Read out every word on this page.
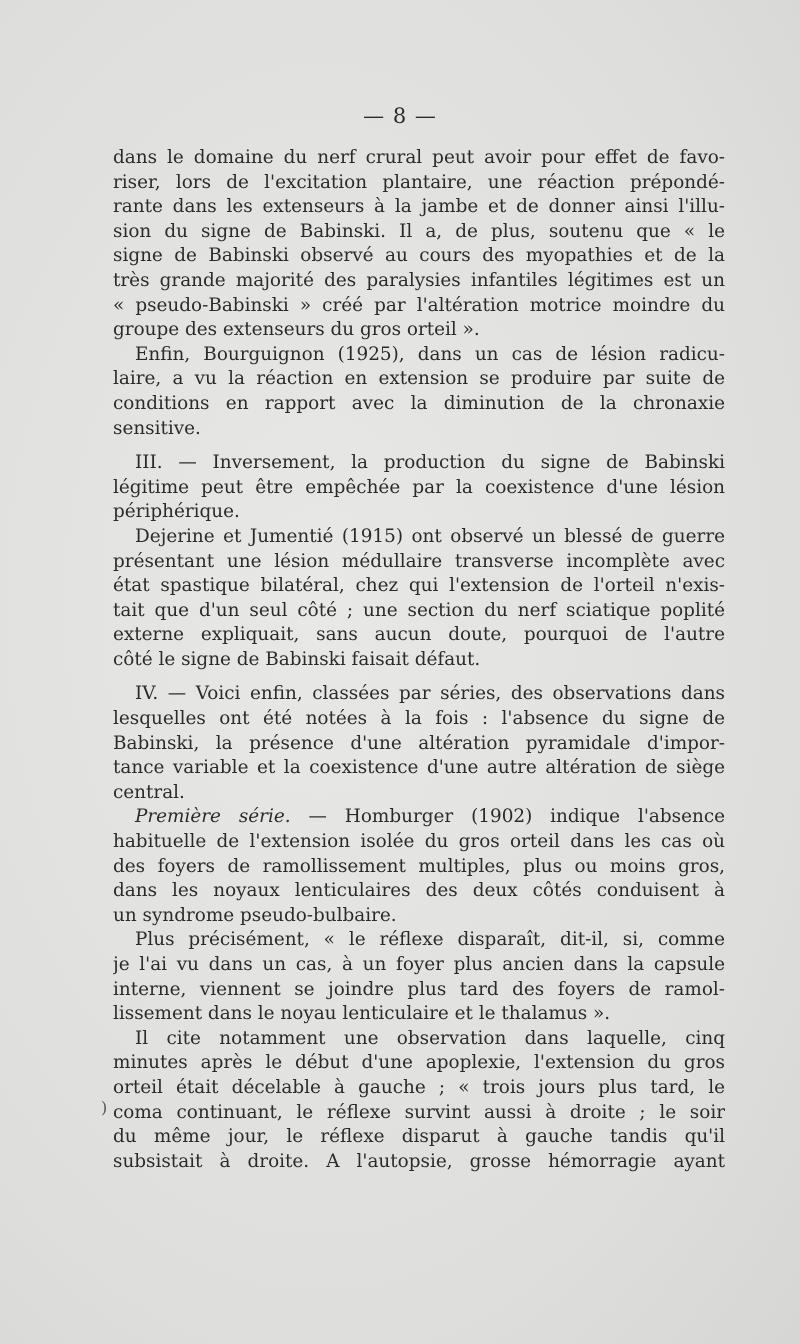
— 8 —
dans le domaine du nerf crural peut avoir pour effet de favo-
riser, lors de l'excitation plantaire, une réaction prépondé-
rante dans les extenseurs à la jambe et de donner ainsi l'illu-
sion du signe de Babinski. Il a, de plus, soutenu que « le
signe de Babinski observé au cours des myopathies et de la
très grande majorité des paralysies infantiles légitimes est un
« pseudo-Babinski » créé par l'altération motrice moindre du
groupe des extenseurs du gros orteil ».
Enfin, Bourguignon (1925), dans un cas de lésion radicu-
laire, a vu la réaction en extension se produire par suite de
conditions en rapport avec la diminution de la chronaxie
sensitive.
III. — Inversement, la production du signe de Babinski
légitime peut être empêchée par la coexistence d'une lésion
périphérique.
Dejerine et Jumentié (1915) ont observé un blessé de guerre
présentant une lésion médullaire transverse incomplète avec
état spastique bilatéral, chez qui l'extension de l'orteil n'exis-
tait que d'un seul côté ; une section du nerf sciatique poplité
externe expliquait, sans aucun doute, pourquoi de l'autre
côté le signe de Babinski faisait défaut.
IV. — Voici enfin, classées par séries, des observations dans
lesquelles ont été notées à la fois : l'absence du signe de
Babinski, la présence d'une altération pyramidale d'impor-
tance variable et la coexistence d'une autre altération de siège
central.
Première série. — Homburger (1902) indique l'absence
habituelle de l'extension isolée du gros orteil dans les cas où
des foyers de ramollissement multiples, plus ou moins gros,
dans les noyaux lenticulaires des deux côtés conduisent à
un syndrome pseudo-bulbaire.
Plus précisément, « le réflexe disparaît, dit-il, si, comme
je l'ai vu dans un cas, à un foyer plus ancien dans la capsule
interne, viennent se joindre plus tard des foyers de ramol-
lissement dans le noyau lenticulaire et le thalamus ».
Il cite notamment une observation dans laquelle, cinq
minutes après le début d'une apoplexie, l'extension du gros
orteil était décelable à gauche ; « trois jours plus tard, le
coma continuant, le réflexe survint aussi à droite ; le soir
du même jour, le réflexe disparut à gauche tandis qu'il
subsistait à droite. A l'autopsie, grosse hémorragie ayant
)
